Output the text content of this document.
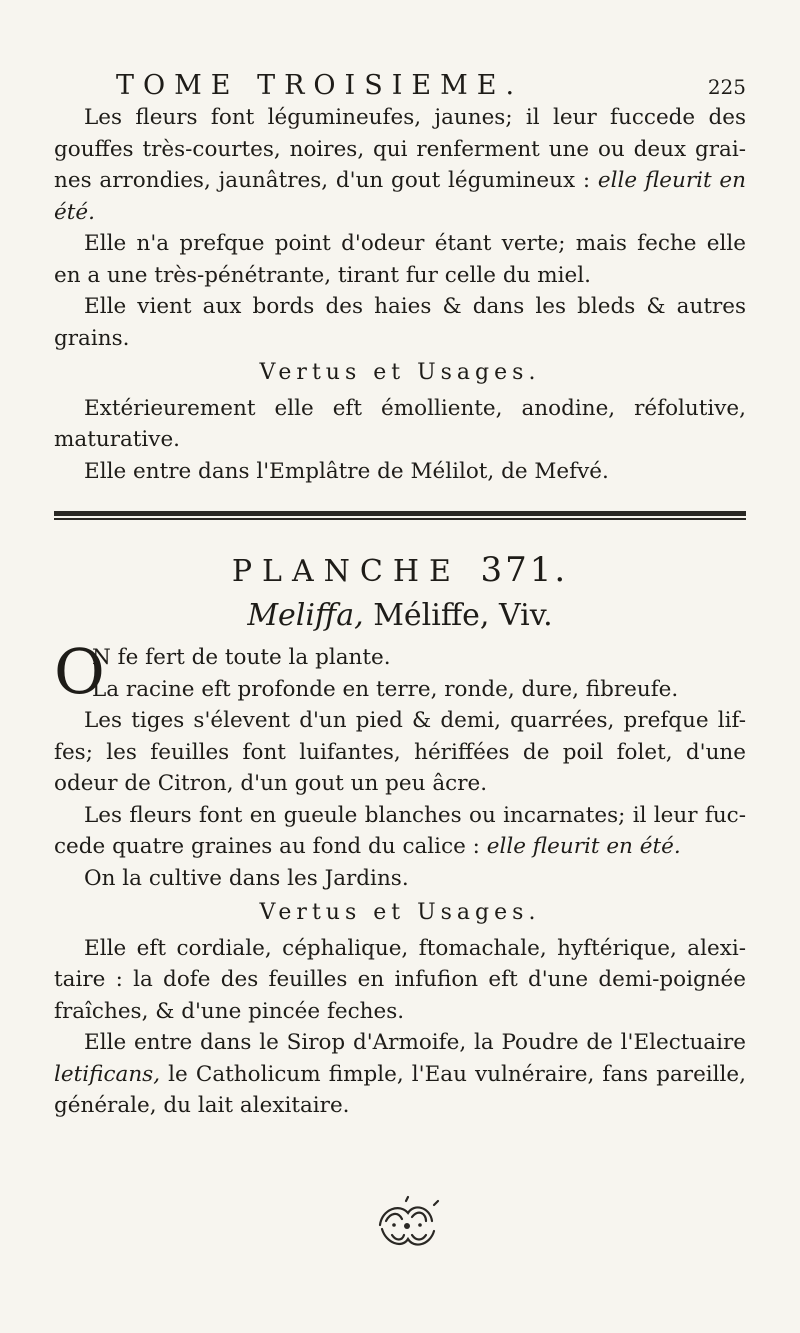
TOME TROISIEME.	225

Les fleurs font légumineufes, jaunes; il leur fuccede des gouffes très-courtes, noires, qui renferment une ou deux grai-nes arrondies, jaunâtres, d'un gout légumineux : elle fleurit en été.

Elle n'a prefque point d'odeur étant verte; mais feche elle en a une très-pénétrante, tirant fur celle du miel.

Elle vient aux bords des haies & dans les bleds & autres grains.

Vertus et Usages.

Extérieurement elle eft émolliente, anodine, réfolutive, maturative.

Elle entre dans l'Emplâtre de Mélilot, de Mefvé.

PLANCHE 371.
Meliffa, Méliffe, Viv.
O
N fe fert de toute la plante.
La racine eft profonde en terre, ronde, dure, fibreufe.

Les tiges s'élevent d'un pied & demi, quarrées, prefque lif-fes; les feuilles font luifantes, hériffées de poil folet, d'une odeur de Citron, d'un gout un peu âcre.

Les fleurs font en gueule blanches ou incarnates; il leur fuc-cede quatre graines au fond du calice : elle fleurit en été.

On la cultive dans les Jardins.

Vertus et Usages.

Elle eft cordiale, céphalique, ftomachale, hyftérique, alexi-taire : la dofe des feuilles en infufion eft d'une demi-poignée fraîches, & d'une pincée feches.

Elle entre dans le Sirop d'Armoife, la Poudre de l'Electuaire letificans, le Catholicum fimple, l'Eau vulnéraire, fans pareille, générale, du lait alexitaire.
